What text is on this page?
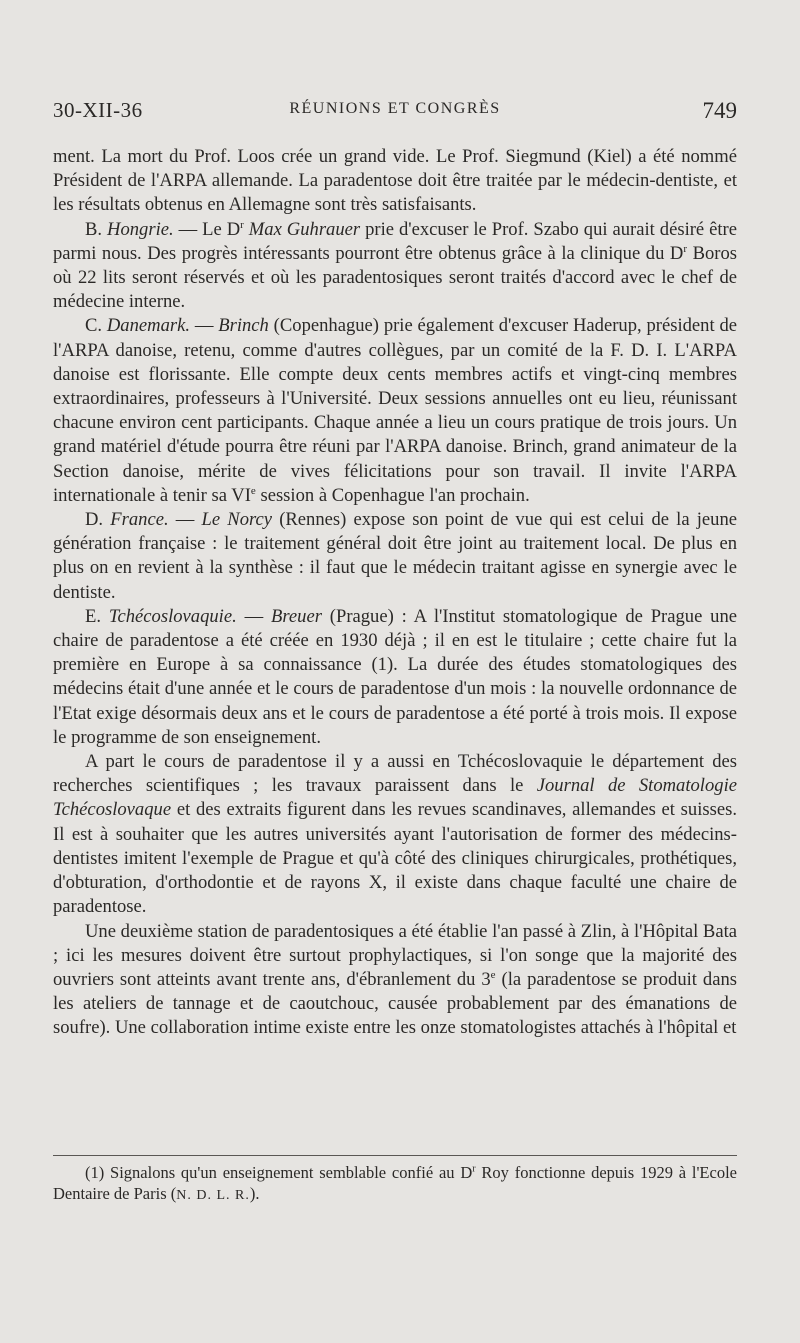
30-XII-36	RÉUNIONS ET CONGRÈS	749

ment. La mort du Prof. Loos crée un grand vide. Le Prof. Siegmund (Kiel) a été nommé Président de l'ARPA allemande. La paradentose doit être traitée par le médecin-dentiste, et les résultats obtenus en Allemagne sont très satisfaisants.

B. Hongrie. — Le $D^r$ Max Guhrauer prie d'excuser le Prof. Szabo qui aurait désiré être parmi nous. Des progrès intéressants pourront être obtenus grâce à la clinique du $D^r$ Boros où 22 lits seront réservés et où les paradentosiques seront traités d'accord avec le chef de médecine interne.

C. Danemark. — Brinch (Copenhague) prie également d'excuser Haderup, président de l'ARPA danoise, retenu, comme d'autres collègues, par un comité de la F. D. I. L'ARPA danoise est florissante. Elle compte deux cents membres actifs et vingt-cinq membres extraordinaires, professeurs à l'Université. Deux sessions annuelles ont eu lieu, réunissant chacune environ cent participants. Chaque année a lieu un cours pratique de trois jours. Un grand matériel d'étude pourra être réuni par l'ARPA danoise. Brinch, grand animateur de la Section danoise, mérite de vives félicitations pour son travail. Il invite l'ARPA internationale à tenir sa VIe session à Copenhague l'an prochain.

D. France. — Le Norcy (Rennes) expose son point de vue qui est celui de la jeune génération française : le traitement général doit être joint au traitement local. De plus en plus on en revient à la synthèse : il faut que le médecin traitant agisse en synergie avec le dentiste.

E. Tchécoslovaquie. — Breuer (Prague) : A l'Institut stomatologique de Prague une chaire de paradentose a été créée en 1930 déjà ; il en est le titulaire ; cette chaire fut la première en Europe à sa connaissance (1). La durée des études stomatologiques des médecins était d'une année et le cours de paradentose d'un mois : la nouvelle ordonnance de l'Etat exige désormais deux ans et le cours de paradentose a été porté à trois mois. Il expose le programme de son enseignement.

A part le cours de paradentose il y a aussi en Tchécoslovaquie le département des recherches scientifiques ; les travaux paraissent dans le Journal de Stomatologie Tchécoslovaque et des extraits figurent dans les revues scandinaves, allemandes et suisses. Il est à souhaiter que les autres universités ayant l'autorisation de former des médecins-dentistes imitent l'exemple de Prague et qu'à côté des cliniques chirurgicales, prothétiques, d'obturation, d'orthodontie et de rayons X, il existe dans chaque faculté une chaire de paradentose.

Une deuxième station de paradentosiques a été établie l'an passé à Zlin, à l'Hôpital Bata ; ici les mesures doivent être surtout prophylactiques, si l'on songe que la majorité des ouvriers sont atteints avant trente ans, d'ébranlement du 3e (la paradentose se produit dans les ateliers de tannage et de caoutchouc, causée probablement par des émanations de soufre). Une collaboration intime existe entre les onze stomatologistes attachés à l'hôpital et

(1) Signalons qu'un enseignement semblable confié au $D^r$ Roy fonctionne depuis 1929 à l'Ecole Dentaire de Paris (N. D. L. R.).
